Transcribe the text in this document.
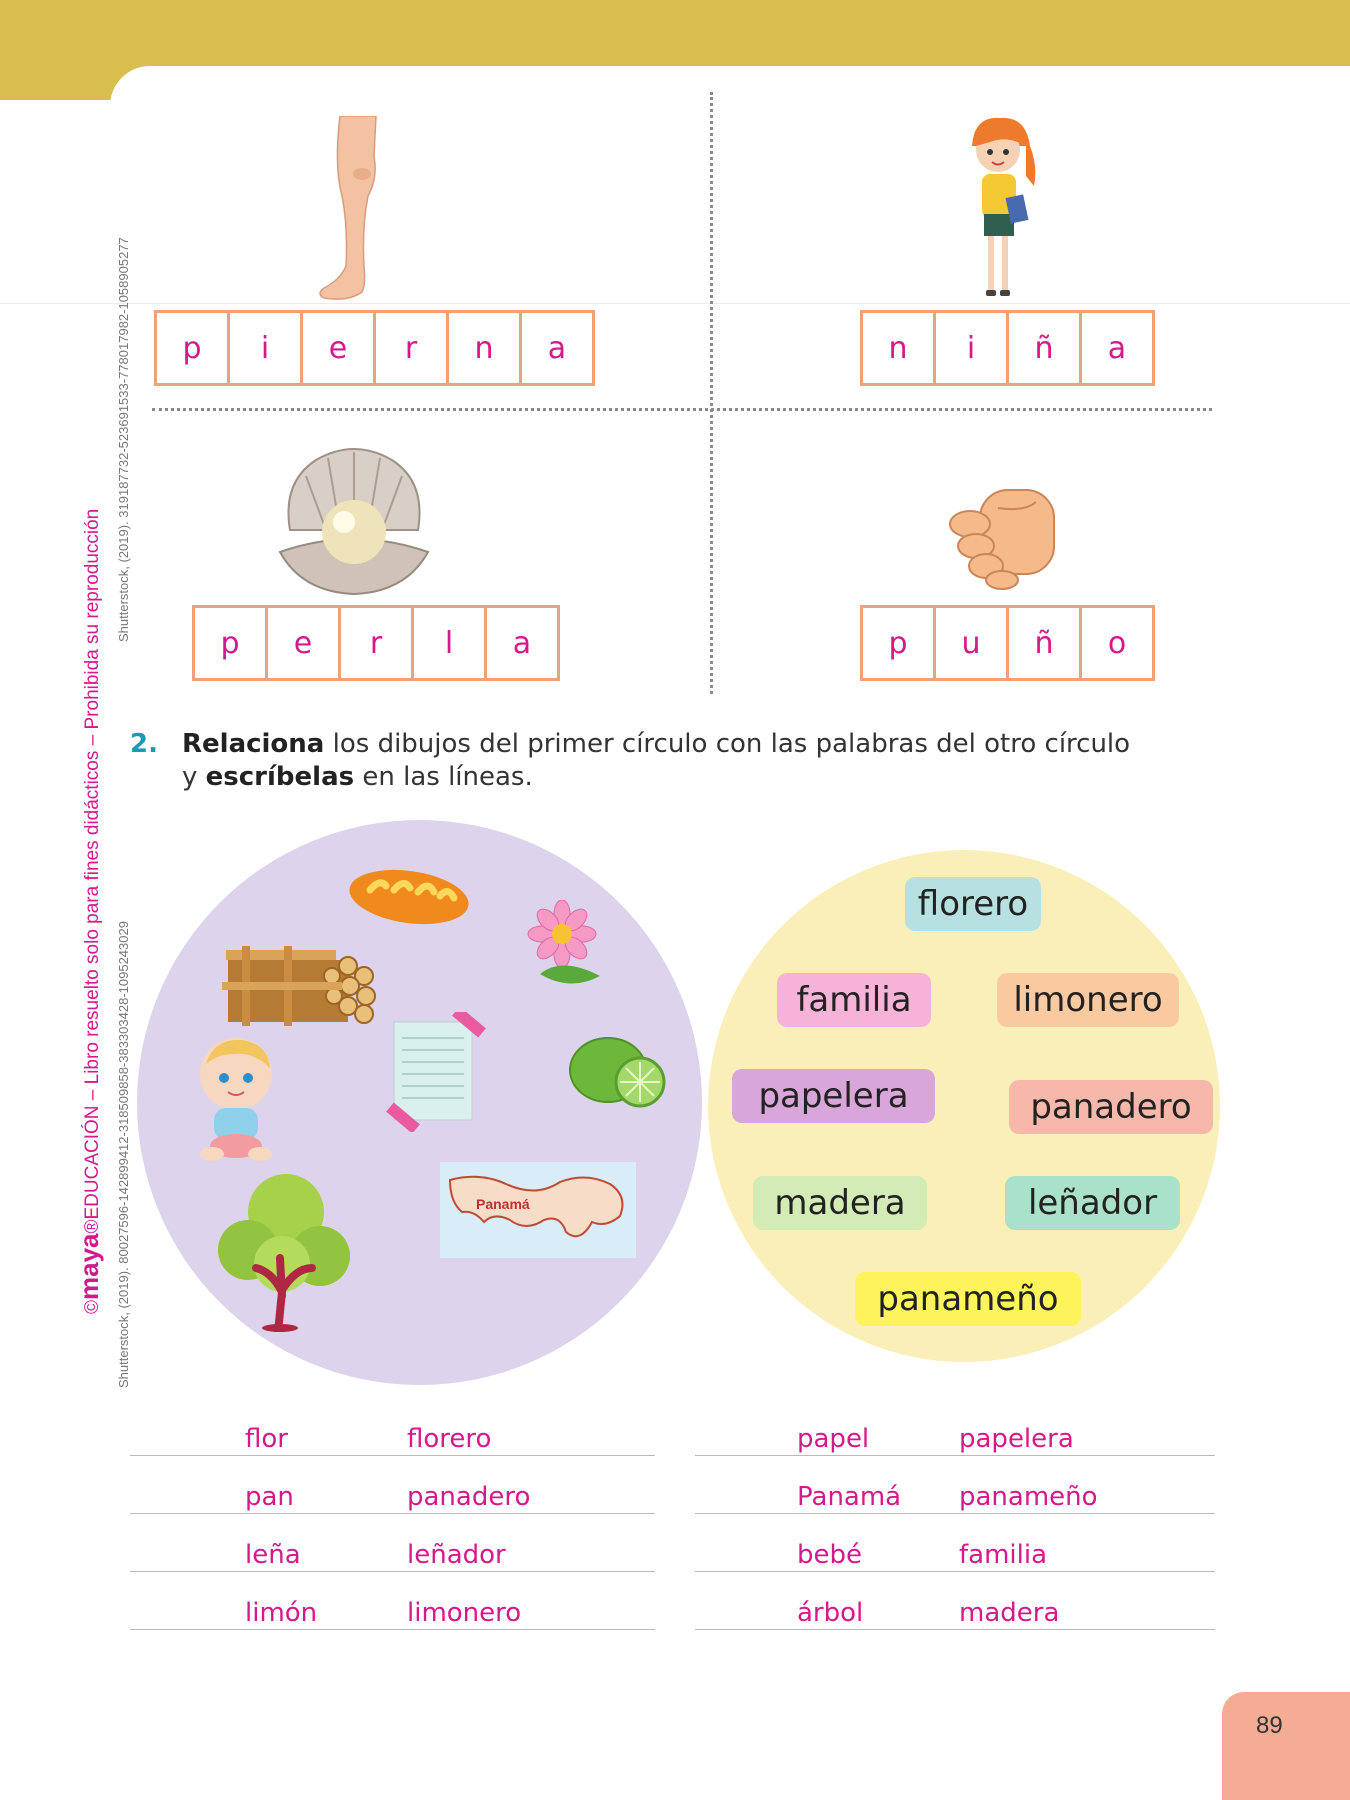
©maya®EDUCACIÓN – Libro resuelto solo para fines didácticos – Prohibida su reproducción
Shutterstock, (2019). 319187732-523691533-778017982-1058905277
Shutterstock, (2019). 80027596-142899412-318509858-383303428-1095243029
p	i	e	r	n	a	n	i	ñ	a
p	e	r	l	a	p	u	ñ	o
2. Relaciona los dibujos del primer círculo con las palabras del otro círculo
y escríbelas en las líneas.
Panamá
florero
familia	limonero
papelera	panadero
madera	leñador
panameño
flor	florero
pan	panadero
leña	leñador
limón	limonero
papel	papelera
Panamá panameño
bebé	familia
árbol	madera
89
